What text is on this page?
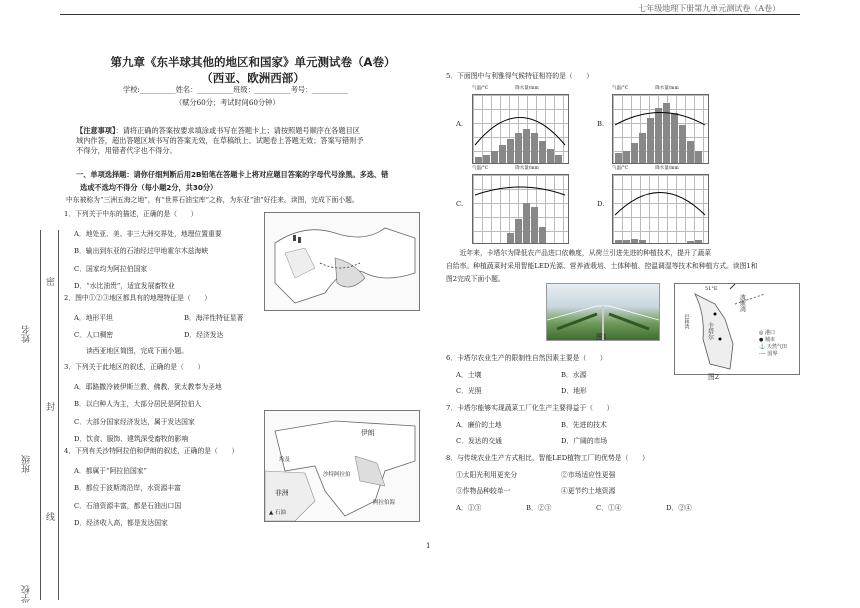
七年级地理下册第九单元测试卷（A卷）
密
姓名
封
班级
线
学校
第九章《东半球其他的地区和国家》单元测试卷（A卷）
（西亚、欧洲西部）
学校:__________姓名：__________班级：__________考号：__________
（赋分60分；考试时间60分钟）
【注意事项】：请将正确的答案按要求填涂或书写在答题卡上；请按照题号顺序在各题目区
域内作答，超出答题区域书写的答案无效，在草稿纸上、试题卷上答题无效；答案写错则予
不得分，用错者代字也不得分。
一、单项选择题：请你仔细判断后用2B铅笔在答题卡上将对应题目答案的字母代号涂黑。多选、错
选或不选均不得分（每小题2分，共30分）
中东被称为“三洲五海之地”，有“世界石油宝库”之称，为东亚“油”好往来。读图，完成下面小题。
1．下列关于中东的描述，正确的是（　　）
A．地处亚、美、非三大洲交界处，地理位置重要
B．输出到东亚的石油经过甲地霍尔木兹海峡
C．国家均为阿拉伯国家
D．“水比油贵”，适宜发展畜牧业
2．图中①②③地区都具有的地理特征是（　　）
A．地形平坦	B．海洋性特征显著
C．人口稠密	D．经济发达
读西亚地区简图，完成下面小题。
3．下列关于此地区的叙述，正确的是（　　）
A．耶路撒冷被伊斯兰教、佛教、犹太教奉为圣地
B．以白种人为主，大部分居民是阿拉伯人
C．大部分国家经济发达，属于发达国家
D．饮食、服饰、建筑深受畜牧的影响
伊朗
沙特阿拉伯
埃及
非洲
阿拉伯海
▲ 石油
4．下列有关沙特阿拉伯和伊朗的叙述，正确的是（　　）
A．都属于“阿拉伯国家”
B．都位于波斯湾沿岸，水资源丰富
C．石油资源丰富，都是石油出口国
D．经济收入高，都是发达国家
5．下面图中与利雅得气候特征相符的是（　　）
A.	B.
C.	D.
气温/°C　　　　　　	降水量/mm	气温/°C　　　　　　	降水量/mm
气温/°C　　　　　　	降水量/mm	气温/°C　　　　　　	降水量/mm
　　近年来，卡塔尔为降低农产品进口依赖度，从荷兰引进先进的种植技术，提升了蔬菜
自给率。种植蔬菜时采用智能LED光源、营养液栽培、土体种植、控温调湿等技术和种植方式。读图1和
图2完成下面小题。
图1
51°E
波斯湾
卡塔尔
巴林湾
◎ 港口
● 城市
⚓ 天然气田
---- 国界
图2
6．卡塔尔农业生产的限制性自然因素主要是（　　）
A．土壤	B．水源
C．光照	D．地形
7．卡塔尔能够实现蔬菜工厂化生产主要得益于（　　）
A．廉价的土地	B．先进的技术
C．发达的交通	D．广阔的市场
8．与传统农业生产方式相比，智能LED植物工厂的优势是（　　）
①太阳光利用更充分	②市场适应性更强
③作物品种较单一	④更节约土地资源
A．①③	B．②③	C．①④	D．②④
1
